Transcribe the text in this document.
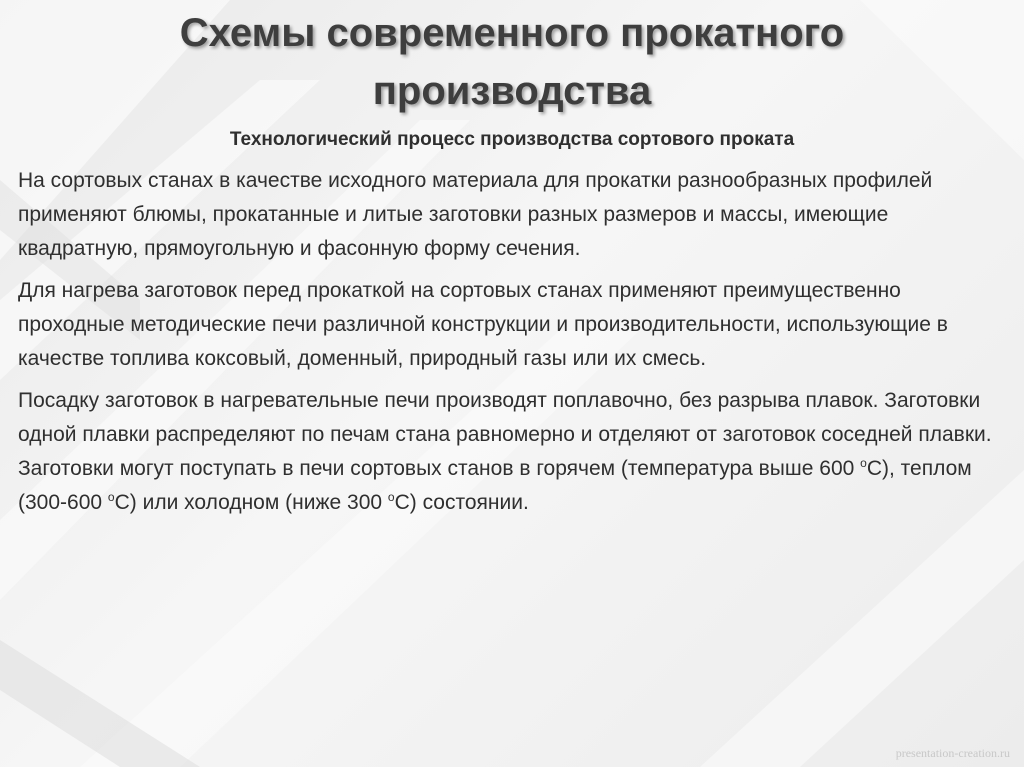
Схемы современного прокатного производства
Технологический процесс производства сортового проката

На сортовых станах в качестве исходного материала для прокатки разнообразных профилей применяют блюмы, прокатанные и литые заготовки разных размеров и массы, имеющие квадратную, прямоугольную и фасонную форму сечения.

Для нагрева заготовок перед прокаткой на сортовых станах применяют преимущественно проходные методические печи различной конструкции и производительности, использующие в качестве топлива коксовый, доменный, природный газы или их смесь.

Посадку заготовок в нагревательные печи производят поплавочно, без разрыва плавок. Заготовки одной плавки распределяют по печам стана равномерно и отделяют от заготовок соседней плавки. Заготовки могут поступать в печи сортовых станов в горячем (температура выше 600 $^о$С), теплом (300-600 $^о$С) или холодном (ниже 300 $^о$С) состоянии.

presentation-creation.ru
